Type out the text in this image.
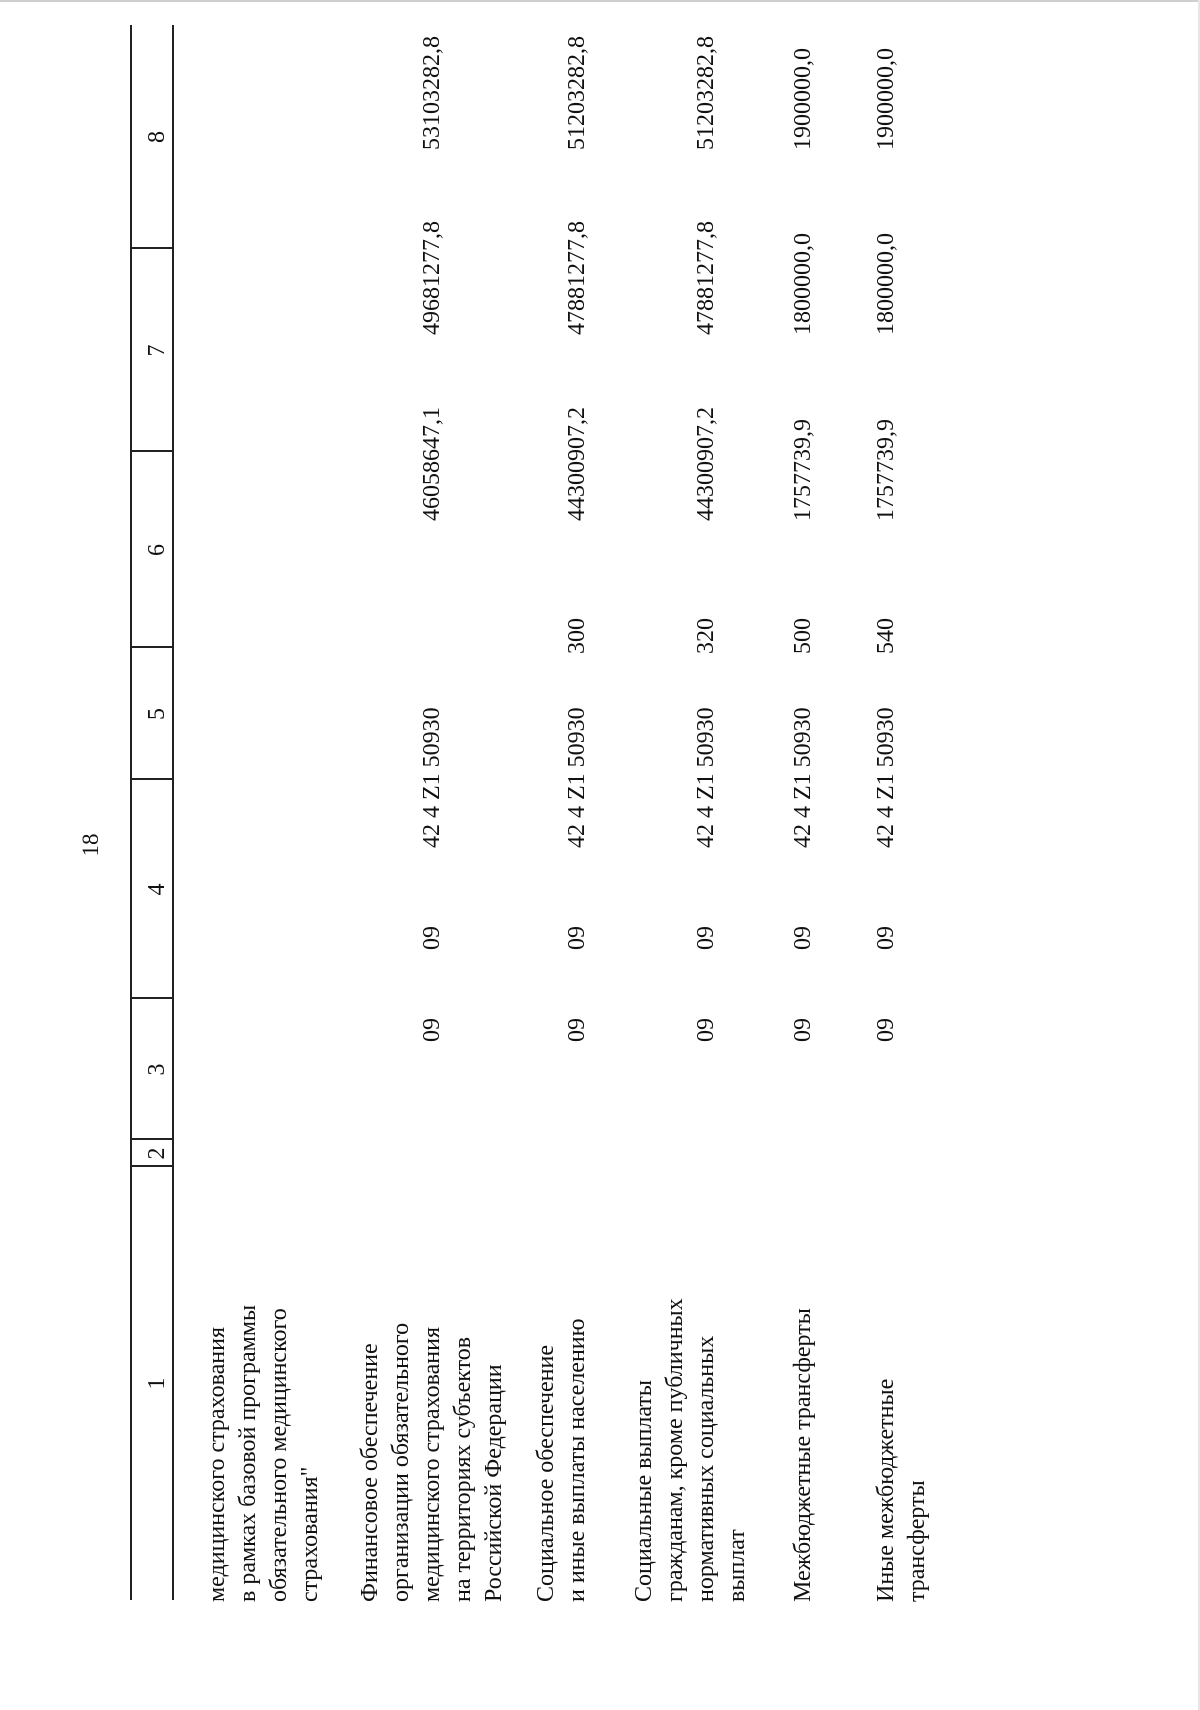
18
1
2
3
4
5
6
7
8
медицинского страхования в рамках базовой программы обязательного медицинского страхования" Финансовое обеспечение организации обязательного медицинского страхования на территориях субъектов Российской Федерации
09
09
42 4 Z1 50930
46058647,1
49681277,8
53103282,8
Социальное обеспечение и иные выплаты населению
09
09
42 4 Z1 50930
300
44300907,2
47881277,8
51203282,8
Социальные выплаты гражданам, кроме публичных нормативных социальных выплат
09
09
42 4 Z1 50930
320
44300907,2
47881277,8
51203282,8
Межбюджетные трансферты
09
09
42 4 Z1 50930
500
1757739,9
1800000,0
1900000,0
Иные межбюджетные трансферты
09
09
42 4 Z1 50930
540
1757739,9
1800000,0
1900000,0
